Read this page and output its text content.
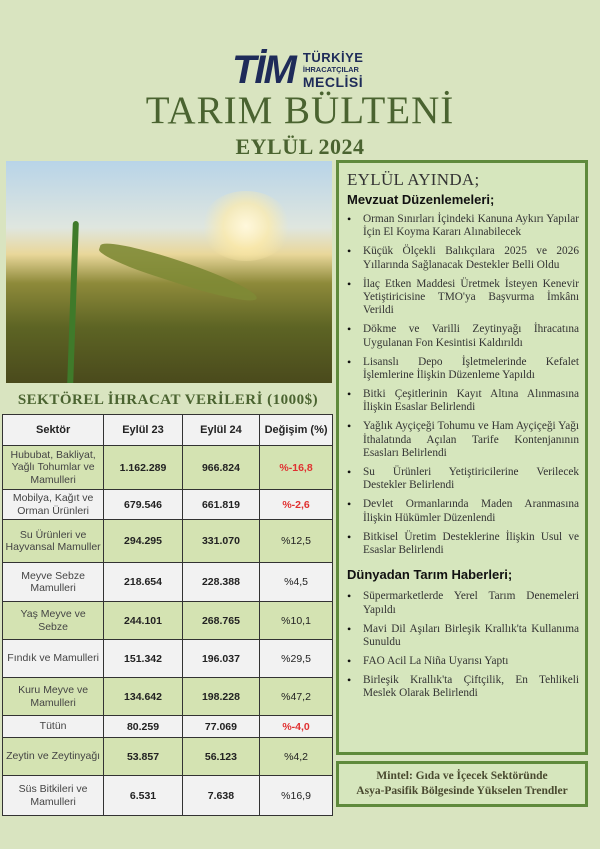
TİM TÜRKİYE
İHRACATÇILAR
MECLİSİ
TARIM BÜLTENİ
EYLÜL 2024
SEKTÖREL İHRACAT VERİLERİ (1000$)
Sektör	Eylül 23	Eylül 24	Değişim (%)
Hububat, Bakliyat, Yağlı Tohumlar ve Mamulleri	1.162.289	966.824	%-16,8
Mobilya, Kağıt ve Orman Ürünleri	679.546	661.819	%-2,6
Su Ürünleri ve Hayvansal Mamuller	294.295	331.070	%12,5
Meyve Sebze Mamulleri	218.654	228.388	%4,5
Yaş Meyve ve Sebze	244.101	268.765	%10,1
Fındık ve Mamulleri	151.342	196.037	%29,5
Kuru Meyve ve Mamulleri	134.642	198.228	%47,2
Tütün	80.259	77.069	%-4,0
Zeytin ve Zeytinyağı	53.857	56.123	%4,2
Süs Bitkileri ve Mamulleri	6.531	7.638	%16,9
EYLÜL AYINDA;
Mevzuat Düzenlemeleri;
• Orman Sınırları İçindeki Kanuna Aykırı Yapılar İçin El Koyma Kararı Alınabilecek
• Küçük Ölçekli Balıkçılara 2025 ve 2026 Yıllarında Sağlanacak Destekler Belli Oldu
• İlaç Etken Maddesi Üretmek İsteyen Kenevir Yetiştiricisine TMO'ya Başvurma İmkânı Verildi
• Dökme ve Varilli Zeytinyağı İhracatına Uygulanan Fon Kesintisi Kaldırıldı
• Lisanslı Depo İşletmelerinde Kefalet İşlemlerine İlişkin Düzenleme Yapıldı
• Bitki Çeşitlerinin Kayıt Altına Alınmasına İlişkin Esaslar Belirlendi
• Yağlık Ayçiçeği Tohumu ve Ham Ayçiçeği Yağı İthalatında Açılan Tarife Kontenjanının Esasları Belirlendi
• Su Ürünleri Yetiştiricilerine Verilecek Destekler Belirlendi
• Devlet Ormanlarında Maden Aranmasına İlişkin Hükümler Düzenlendi
• Bitkisel Üretim Desteklerine İlişkin Usul ve Esaslar Belirlendi
Dünyadan Tarım Haberleri;
• Süpermarketlerde Yerel Tarım Denemeleri Yapıldı
• Mavi Dil Aşıları Birleşik Krallık'ta Kullanıma Sunuldu
• FAO Acil La Niña Uyarısı Yaptı
• Birleşik Krallık'ta Çiftçilik, En Tehlikeli Meslek Olarak Belirlendi
Mintel: Gıda ve İçecek Sektöründe
Asya-Pasifik Bölgesinde Yükselen Trendler
